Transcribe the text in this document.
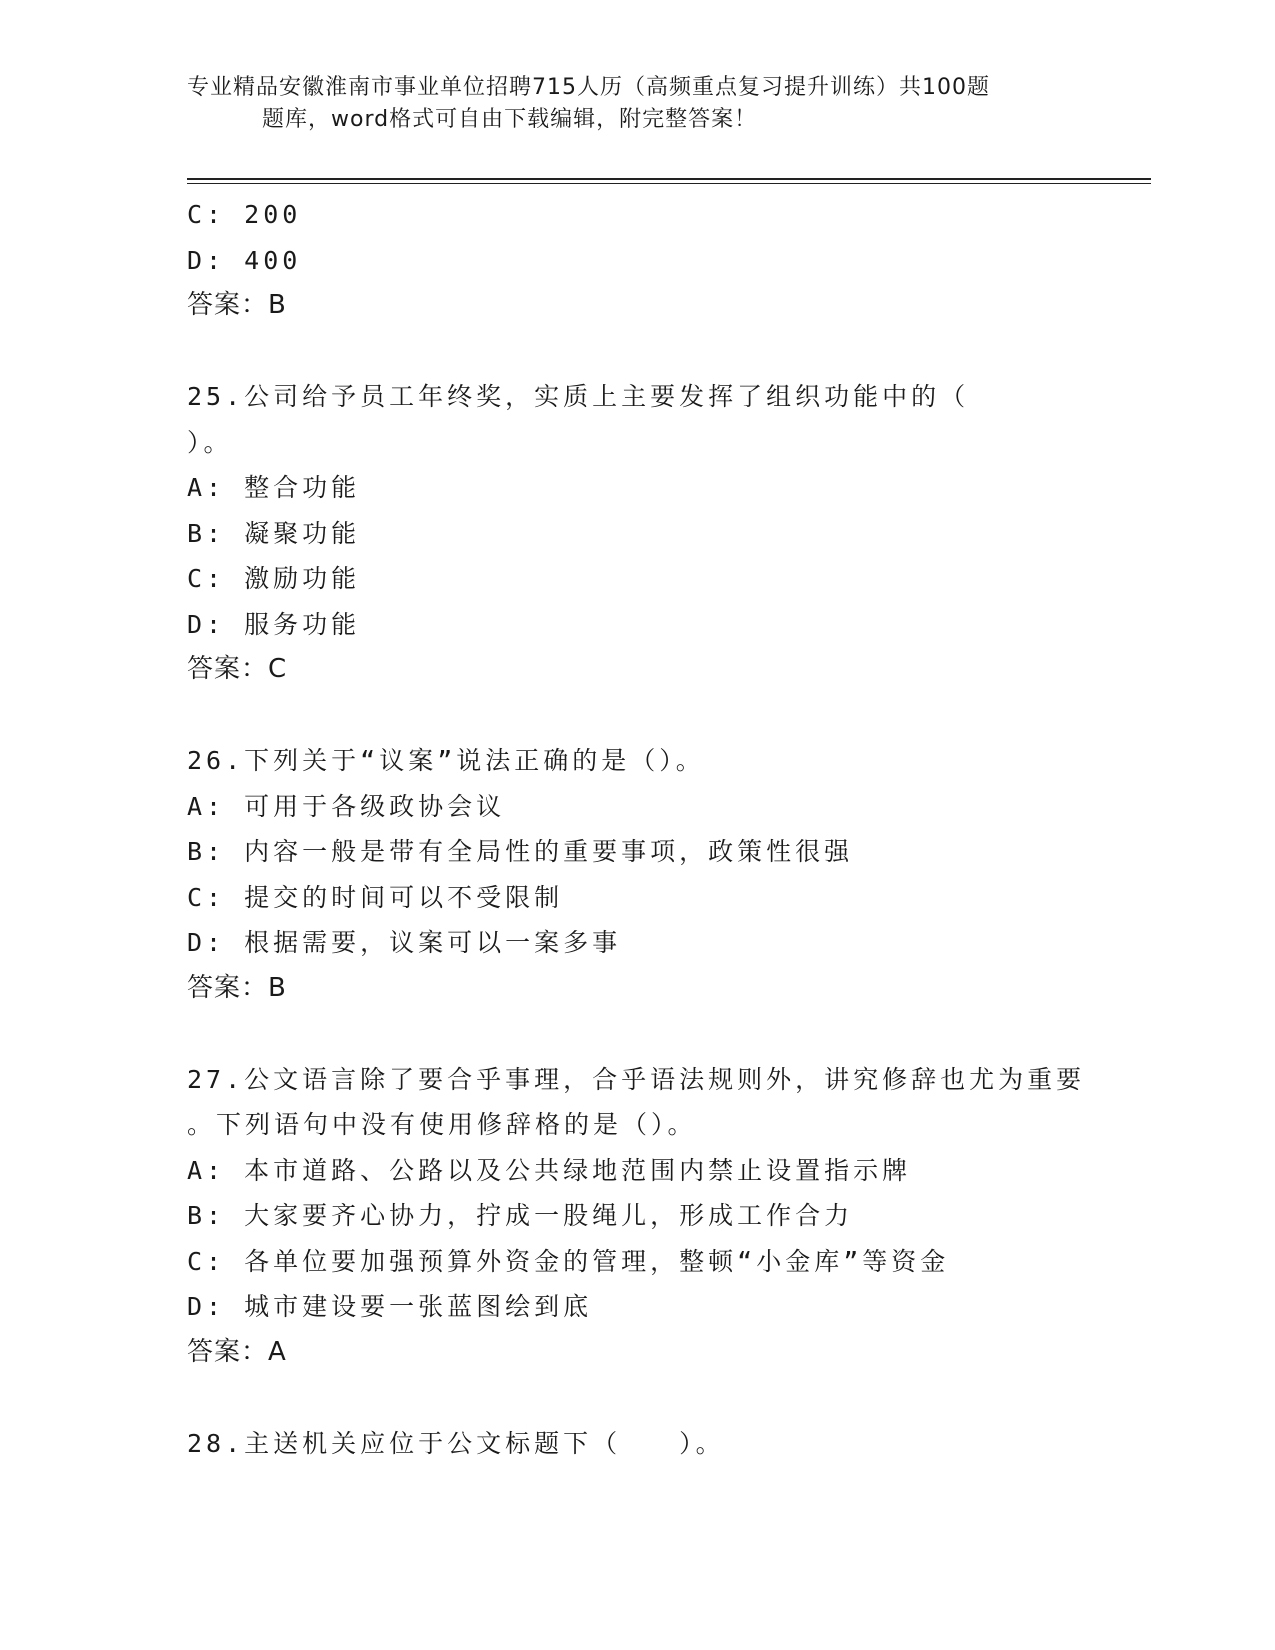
专业精品安徽淮南市事业单位招聘715人历（高频重点复习提升训练）共100题
题库，word格式可自由下载编辑，附完整答案！
C: 200
D: 400
答案：B
25.公司给予员工年终奖，实质上主要发挥了组织功能中的（
）。
A: 整合功能
B: 凝聚功能
C: 激励功能
D: 服务功能
答案：C
26.下列关于“议案”说法正确的是（）。
A: 可用于各级政协会议
B: 内容一般是带有全局性的重要事项，政策性很强
C: 提交的时间可以不受限制
D: 根据需要，议案可以一案多事
答案：B
27.公文语言除了要合乎事理，合乎语法规则外，讲究修辞也尤为重要
。下列语句中没有使用修辞格的是（）。
A: 本市道路、公路以及公共绿地范围内禁止设置指示牌
B: 大家要齐心协力，拧成一股绳儿，形成工作合力
C: 各单位要加强预算外资金的管理，整顿“小金库”等资金
D: 城市建设要一张蓝图绘到底
答案：A
28.主送机关应位于公文标题下（　　）。
